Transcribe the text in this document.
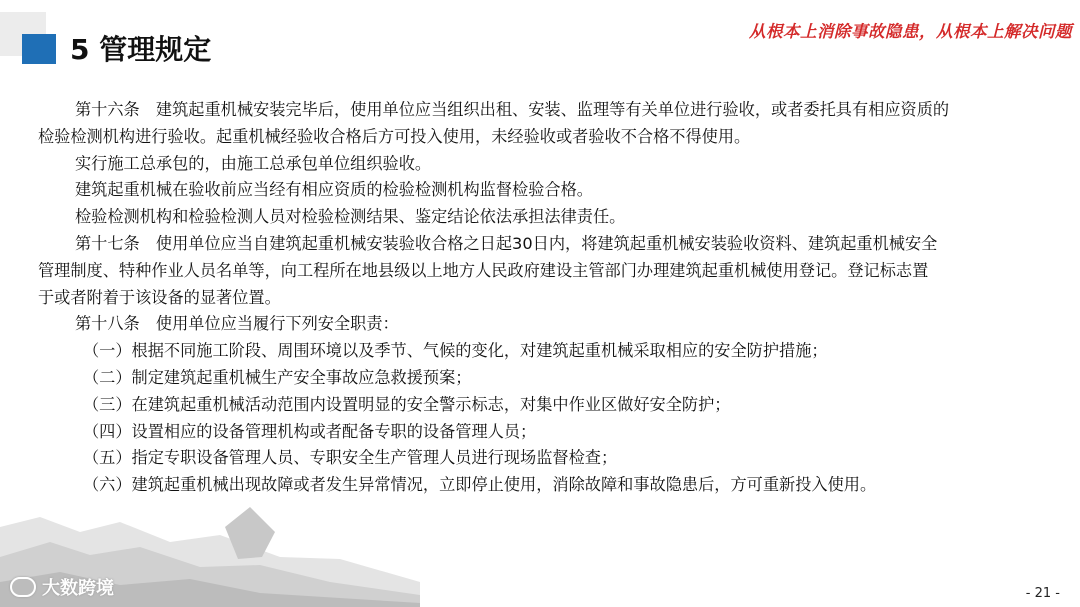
5 管理规定
从根本上消除事故隐患，从根本上解决问题

第十六条　建筑起重机械安装完毕后，使用单位应当组织出租、安装、监理等有关单位进行验收，或者委托具有相应资质的

检验检测机构进行验收。起重机械经验收合格后方可投入使用，未经验收或者验收不合格不得使用。

实行施工总承包的，由施工总承包单位组织验收。

建筑起重机械在验收前应当经有相应资质的检验检测机构监督检验合格。

检验检测机构和检验检测人员对检验检测结果、鉴定结论依法承担法律责任。

第十七条　使用单位应当自建筑起重机械安装验收合格之日起30日内，将建筑起重机械安装验收资料、建筑起重机械安全

管理制度、特种作业人员名单等，向工程所在地县级以上地方人民政府建设主管部门办理建筑起重机械使用登记。登记标志置

于或者附着于该设备的显著位置。

第十八条　使用单位应当履行下列安全职责：

（一）根据不同施工阶段、周围环境以及季节、气候的变化，对建筑起重机械采取相应的安全防护措施；

（二）制定建筑起重机械生产安全事故应急救援预案；

（三）在建筑起重机械活动范围内设置明显的安全警示标志，对集中作业区做好安全防护；

（四）设置相应的设备管理机构或者配备专职的设备管理人员；

（五）指定专职设备管理人员、专职安全生产管理人员进行现场监督检查；

（六）建筑起重机械出现故障或者发生异常情况，立即停止使用，消除故障和事故隐患后，方可重新投入使用。

大数跨境	- 21 -
